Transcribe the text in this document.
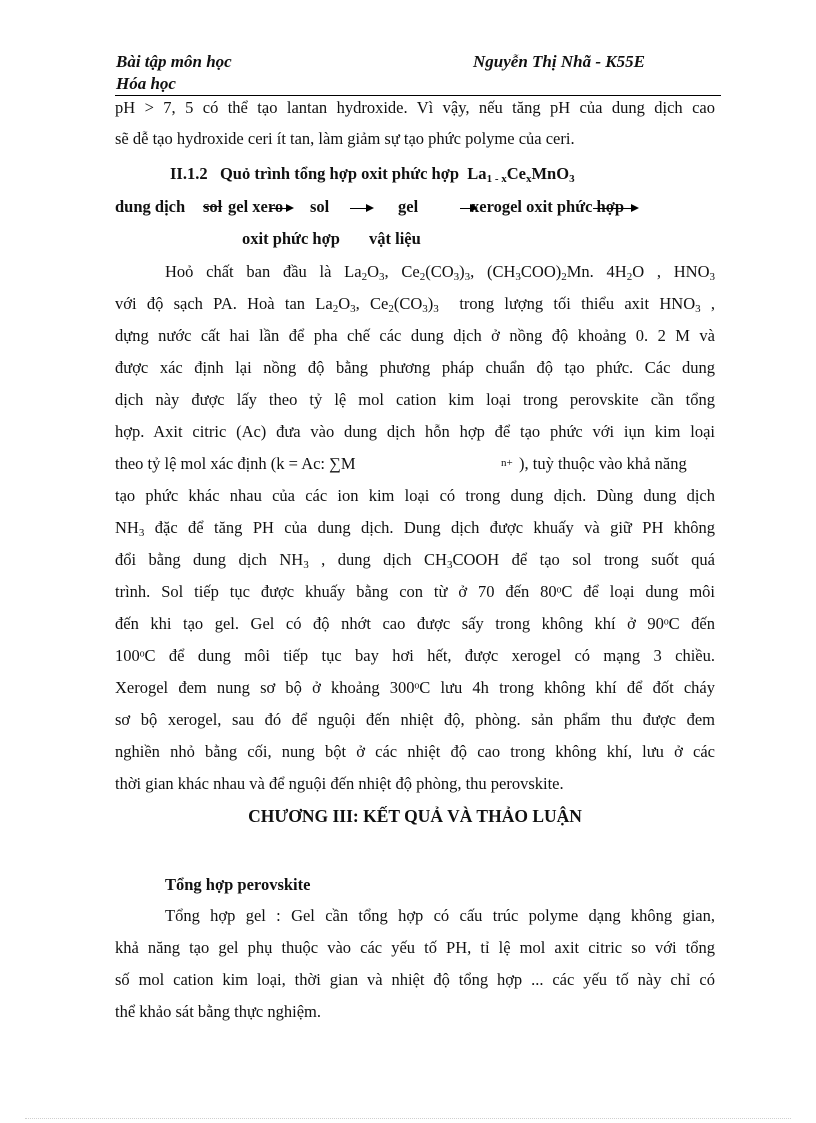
Bài tập môn học
Hóa học
Nguyễn Thị Nhã - K55E
pH > 7, 5 có thể tạo lantan hydroxide. Vì vậy, nếu tăng pH của dung dịch cao
sẽ dễ tạo hydroxide ceri ít tan, làm giảm sự tạo phức polyme của ceri.
II.1.2 Quỏ trình tổng hợp oxit phức hợp $La_{1 - x}Ce_xMnO_3$
dung dịch sol gel xero sol	gel	xerogel oxit phức hợp
oxit phức hợp vật liệu
Hoỏ chất ban đầu là $La_2O_3$, $Ce_2(CO_3)_3$, $(CH_3COO)_2Mn$. $4H_2O$ , $HNO_3$
với độ sạch PA. Hoà $\tan La_2O_3$, $Ce_2(CO_3)_3$ trong lượng tối thiểu axit $HNO_3$ ,
dựng nước cất hai lần để pha chế các dung dịch ở nồng độ khoảng 0. 2 M và
được xác định lại nồng độ bằng phương pháp chuẩn độ tạo phức. Các dung
dịch này được lấy theo tỷ lệ mol cation kim loại trong perovskite cần tổng
hợp. Axit citric (Ac) đưa vào dung dịch hỗn hợp để tạo phức với iụn kim loại
theo tỷ lệ mol xác định (k = Ac: ∑M	n+ ), tuỳ thuộc vào khả năng
tạo phức khác nhau của các ion kim loại có trong dung dịch. Dùng dung dịch
$NH_3$ đặc để tăng PH của dung dịch. Dung dịch được khuấy và giữ PH không
đổi bằng dung dịch $NH_3$ , dung dịch $CH_3COOH$ để tạo sol trong suốt quá
trình. Sol tiếp tục được khuấy bằng con từ ở 70 đến 80ᵒC để loại dung môi
đến khi tạo gel. Gel có độ nhớt cao được sấy trong không khí ở 90ᵒC đến
100ᵒC để dung môi tiếp tục bay hơi hết, được xerogel có mạng 3 chiều.
Xerogel đem nung sơ bộ ở khoảng 300ᵒC lưu 4h trong không khí để đốt cháy
sơ bộ xerogel, sau đó để nguội đến nhiệt độ, phòng. sản phẩm thu được đem
nghiền nhỏ bằng cối, nung bột ở các nhiệt độ cao trong không khí, lưu ở các
thời gian khác nhau và để nguội đến nhiệt độ phòng, thu perovskite.
CHƯƠNG III: KẾT QUẢ VÀ THẢO LUẬN
Tổng hợp perovskite
Tổng hợp gel : Gel cần tổng hợp có cấu trúc polyme dạng không gian,
khả năng tạo gel phụ thuộc vào các yếu tố PH, tỉ lệ mol axit citric so với tổng
số mol cation kim loại, thời gian và nhiệt độ tổng hợp ... các yếu tố này chỉ có
thể khảo sát bằng thực nghiệm.
